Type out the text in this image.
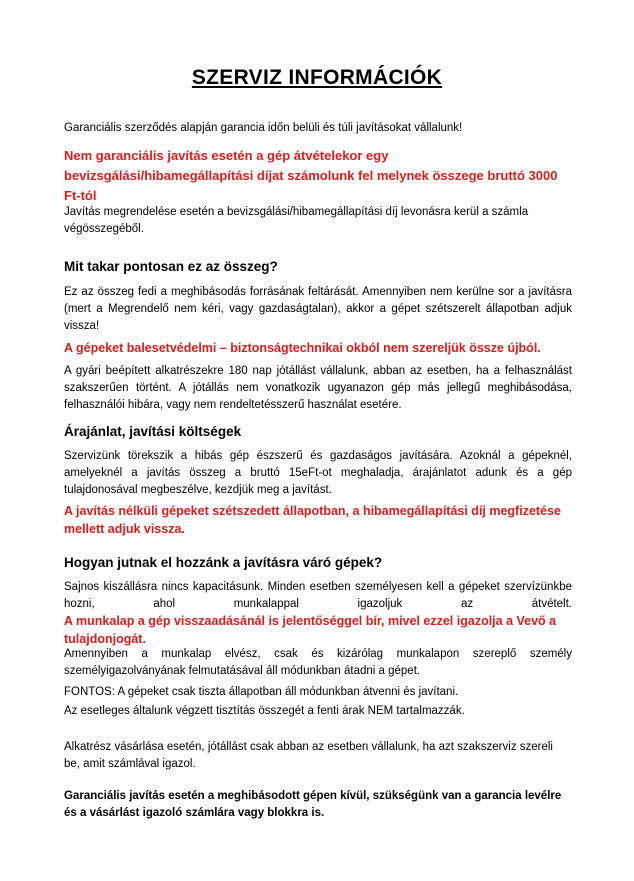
SZERVIZ INFORMÁCIÓK

Garanciális szerződés alapján garancia időn belüli és túli javításokat vállalunk!

Nem garanciális javítás esetén a gép átvételekor egy bevizsgálási/hibamegállapítási díjat számolunk fel melynek összege bruttó 3000 Ft-tól

Javítás megrendelése esetén a bevizsgálási/hibamegállapítási díj levonásra kerül a számla végösszegéből.

Mit takar pontosan ez az összeg?

Ez az összeg fedi a meghibásodás forrásának feltárását. Amennyiben nem kerülne sor a javításra (mert a Megrendelő nem kéri, vagy gazdaságtalan), akkor a gépet szétszerelt állapotban adjuk vissza!

A gépeket balesetvédelmi – biztonságtechnikai okból nem szereljük össze újból.

A gyári beépített alkatrészekre 180 nap jótállást vállalunk, abban az esetben, ha a felhasználást szakszerűen történt. A jótállás nem vonatkozik ugyanazon gép más jellegű meghibásodása, felhasználói hibára, vagy nem rendeltetésszerű használat esetére.

Árajánlat, javítási költségek

Szervizünk törekszik a hibás gép észszerű és gazdaságos javítására. Azoknál a gépeknél, amelyeknél a javítás összeg a bruttó 15eFt-ot meghaladja, árajánlatot adunk és a gép tulajdonosával megbeszélve, kezdjük meg a javítást.

A javítás nélküli gépeket szétszedett állapotban, a hibamegállapítási díj megfizetése mellett adjuk vissza.

Hogyan jutnak el hozzánk a javításra váró gépek?

Sajnos kiszállásra nincs kapacitásunk. Minden esetben személyesen kell a gépeket szervízünkbe hozni, ahol munkalappal igazoljuk az átvételt.

A munkalap a gép visszaadásánál is jelentőséggel bír, mivel ezzel igazolja a Vevő a tulajdonjogát.

Amennyiben a munkalap elvész, csak és kizárólag munkalapon szereplő személy személyigazolványának felmutatásával áll módunkban átadni a gépet.

FONTOS: A gépeket csak tiszta állapotban áll módunkban átvenni és javítani.

Az esetleges általunk végzett tisztítás összegét a fenti árak NEM tartalmazzák.

Alkatrész vásárlása esetén, jótállást csak abban az esetben vállalunk, ha azt szakszerviz szereli be, amit számlával igazol.

Garanciális javítás esetén a meghibásodott gépen kívül, szükségünk van a garancia levélre és a vásárlást igazoló számlára vagy blokkra is.
